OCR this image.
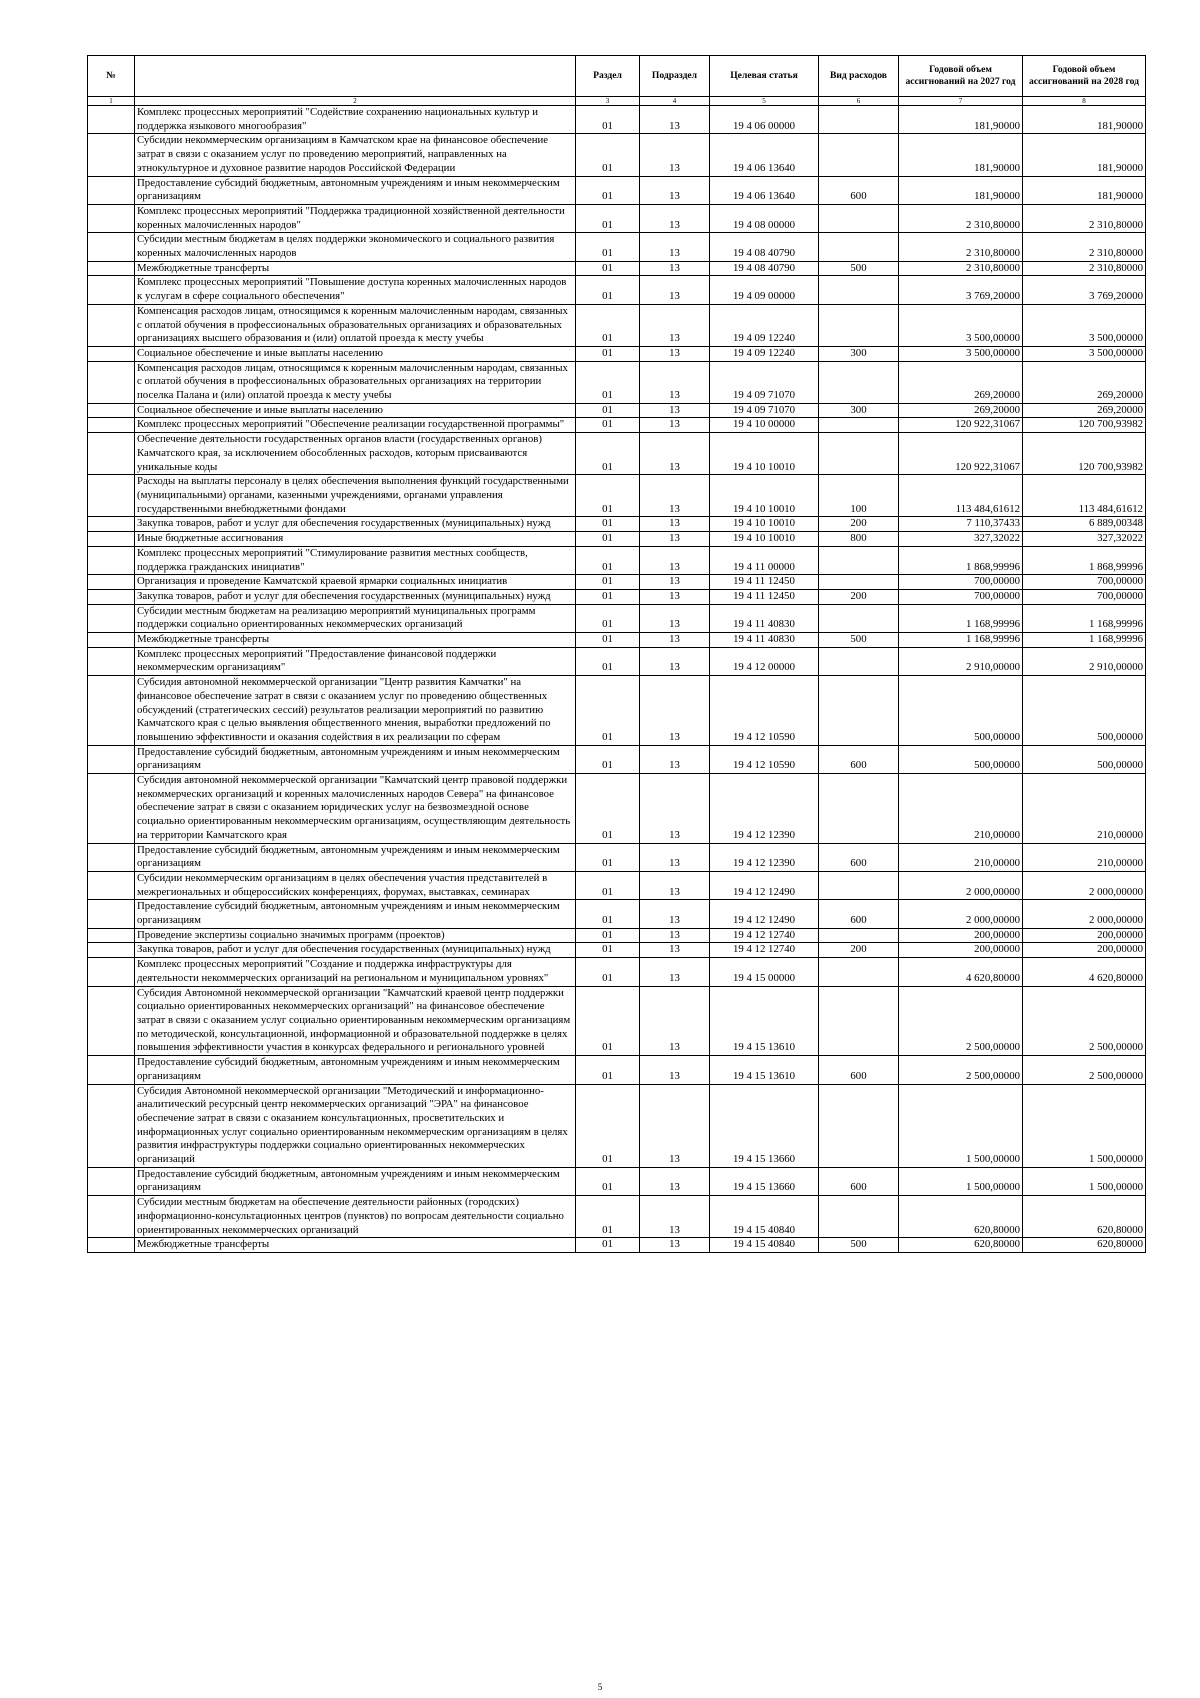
№		Раздел	Подраздел	Целевая статья	Вид расходов	Годовой объем ассигнований на 2027 год	Годовой объем ассигнований на 2028 год
1	2	3	4	5	6	7	8
	Комплекс процессных мероприятий "Содействие сохранению национальных культур и поддержка языкового многообразия"	01	13	19 4 06 00000		181,90000	181,90000
	Субсидии некоммерческим организациям в Камчатском крае на финансовое обеспечение затрат в связи с оказанием услуг по проведению мероприятий, направленных на этнокультурное и духовное развитие народов Российской Федерации	01	13	19 4 06 13640		181,90000	181,90000
	Предоставление субсидий бюджетным, автономным учреждениям и иным некоммерческим организациям	01	13	19 4 06 13640	600	181,90000	181,90000
	Комплекс процессных мероприятий "Поддержка традиционной хозяйственной деятельности коренных малочисленных народов"	01	13	19 4 08 00000		2 310,80000	2 310,80000
	Субсидии местным бюджетам в целях поддержки экономического и социального развития коренных малочисленных народов	01	13	19 4 08 40790		2 310,80000	2 310,80000
	Межбюджетные трансферты	01	13	19 4 08 40790	500	2 310,80000	2 310,80000
	Комплекс процессных мероприятий "Повышение доступа коренных малочисленных народов к услугам в сфере социального обеспечения"	01	13	19 4 09 00000		3 769,20000	3 769,20000
	Компенсация расходов лицам, относящимся к коренным малочисленным народам, связанных с оплатой обучения в профессиональных образовательных организациях и образовательных организациях высшего образования и (или) оплатой проезда к месту учебы	01	13	19 4 09 12240		3 500,00000	3 500,00000
	Социальное обеспечение и иные выплаты населению	01	13	19 4 09 12240	300	3 500,00000	3 500,00000
	Компенсация расходов лицам, относящимся к коренным малочисленным народам, связанных с оплатой обучения в профессиональных образовательных организациях на территории поселка Палана и (или) оплатой проезда к месту учебы	01	13	19 4 09 71070		269,20000	269,20000
	Социальное обеспечение и иные выплаты населению	01	13	19 4 09 71070	300	269,20000	269,20000
	Комплекс процессных мероприятий "Обеспечение реализации государственной программы"	01	13	19 4 10 00000		120 922,31067	120 700,93982
	Обеспечение деятельности государственных органов власти (государственных органов) Камчатского края, за исключением обособленных расходов, которым присваиваются уникальные коды	01	13	19 4 10 10010		120 922,31067	120 700,93982
	Расходы на выплаты персоналу в целях обеспечения выполнения функций государственными (муниципальными) органами, казенными учреждениями, органами управления государственными внебюджетными фондами	01	13	19 4 10 10010	100	113 484,61612	113 484,61612
	Закупка товаров, работ и услуг для обеспечения государственных (муниципальных) нужд	01	13	19 4 10 10010	200	7 110,37433	6 889,00348
	Иные бюджетные ассигнования	01	13	19 4 10 10010	800	327,32022	327,32022
	Комплекс процессных мероприятий "Стимулирование развития местных сообществ, поддержка гражданских инициатив"	01	13	19 4 11 00000		1 868,99996	1 868,99996
	Организация и проведение Камчатской краевой ярмарки социальных инициатив	01	13	19 4 11 12450		700,00000	700,00000
	Закупка товаров, работ и услуг для обеспечения государственных (муниципальных) нужд	01	13	19 4 11 12450	200	700,00000	700,00000
	Субсидии местным бюджетам на реализацию мероприятий муниципальных программ поддержки социально ориентированных некоммерческих организаций	01	13	19 4 11 40830		1 168,99996	1 168,99996
	Межбюджетные трансферты	01	13	19 4 11 40830	500	1 168,99996	1 168,99996
	Комплекс процессных мероприятий "Предоставление финансовой поддержки некоммерческим организациям"	01	13	19 4 12 00000		2 910,00000	2 910,00000
	Субсидия автономной некоммерческой организации "Центр развития Камчатки" на финансовое обеспечение затрат в связи с оказанием услуг по проведению общественных обсуждений (стратегических сессий) результатов реализации мероприятий по развитию Камчатского края с целью выявления общественного мнения, выработки предложений по повышению эффективности и оказания содействия в их реализации по сферам	01	13	19 4 12 10590		500,00000	500,00000
	Предоставление субсидий бюджетным, автономным учреждениям и иным некоммерческим организациям	01	13	19 4 12 10590	600	500,00000	500,00000
	Субсидия автономной некоммерческой организации "Камчатский центр правовой поддержки некоммерческих организаций и коренных малочисленных народов Севера" на финансовое обеспечение затрат в связи с оказанием юридических услуг на безвозмездной основе социально ориентированным некоммерческим организациям, осуществляющим деятельность на территории Камчатского края	01	13	19 4 12 12390		210,00000	210,00000
	Предоставление субсидий бюджетным, автономным учреждениям и иным некоммерческим организациям	01	13	19 4 12 12390	600	210,00000	210,00000
	Субсидии некоммерческим организациям в целях обеспечения участия представителей в межрегиональных и общероссийских конференциях, форумах, выставках, семинарах	01	13	19 4 12 12490		2 000,00000	2 000,00000
	Предоставление субсидий бюджетным, автономным учреждениям и иным некоммерческим организациям	01	13	19 4 12 12490	600	2 000,00000	2 000,00000
	Проведение экспертизы социально значимых программ (проектов)	01	13	19 4 12 12740		200,00000	200,00000
	Закупка товаров, работ и услуг для обеспечения государственных (муниципальных) нужд	01	13	19 4 12 12740	200	200,00000	200,00000
	Комплекс процессных мероприятий "Создание и поддержка инфраструктуры для деятельности некоммерческих организаций на региональном и муниципальном уровнях"	01	13	19 4 15 00000		4 620,80000	4 620,80000
	Субсидия Автономной некоммерческой организации "Камчатский краевой центр поддержки социально ориентированных некоммерческих организаций" на финансовое обеспечение затрат в связи с оказанием услуг социально ориентированным некоммерческим организациям по методической, консультационной, информационной и образовательной поддержке в целях повышения эффективности участия в конкурсах федерального и регионального уровней	01	13	19 4 15 13610		2 500,00000	2 500,00000
	Предоставление субсидий бюджетным, автономным учреждениям и иным некоммерческим организациям	01	13	19 4 15 13610	600	2 500,00000	2 500,00000
	Субсидия Автономной некоммерческой организации "Методический и информационно-аналитический ресурсный центр некоммерческих организаций "ЭРА" на финансовое обеспечение затрат в связи с оказанием консультационных, просветительских и информационных услуг социально ориентированным некоммерческим организациям в целях развития инфраструктуры поддержки социально ориентированных некоммерческих организаций	01	13	19 4 15 13660		1 500,00000	1 500,00000
	Предоставление субсидий бюджетным, автономным учреждениям и иным некоммерческим организациям	01	13	19 4 15 13660	600	1 500,00000	1 500,00000
	Субсидии местным бюджетам на обеспечение деятельности районных (городских) информационно-консультационных центров (пунктов) по вопросам деятельности социально ориентированных некоммерческих организаций	01	13	19 4 15 40840		620,80000	620,80000
	Межбюджетные трансферты	01	13	19 4 15 40840	500	620,80000	620,80000
5
